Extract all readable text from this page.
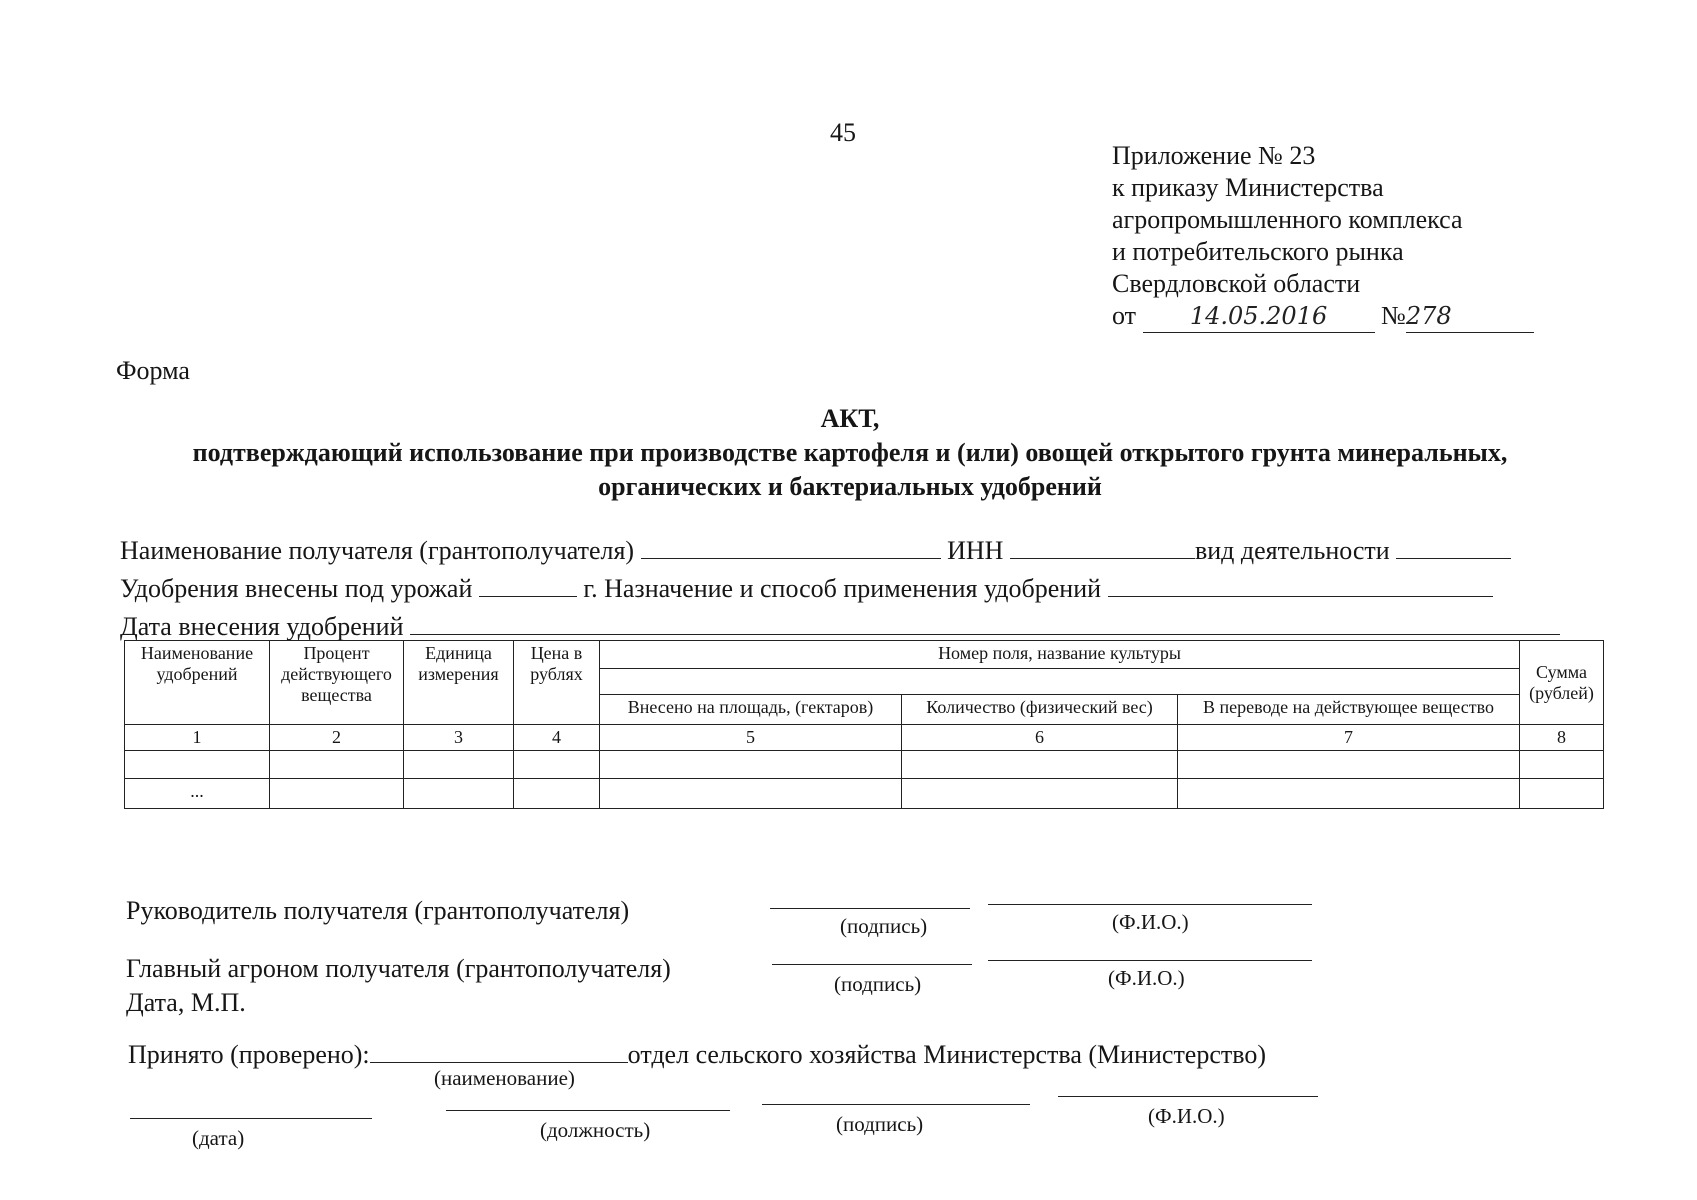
45
Приложение № 23
к приказу Министерства
агропромышленного комплекса
и потребительского рынка
Свердловской области
от 14.05.2016 №278
Форма
АКТ,
подтверждающий использование при производстве картофеля и (или) овощей открытого грунта минеральных,
органических и бактериальных удобрений
Наименование получателя (грантополучателя)	ИНН	вид деятельности
Удобрения внесены под урожай	г. Назначение и способ применения удобрений
Дата внесения удобрений
Наименование удобрений	Процент действующего вещества	Единица измерения	Цена в рублях	Номер поля, название культуры			Сумма (рублей)

				Внесено на площадь, (гектаров)	Количество (физический вес)	В переводе на действующее вещество	
1	2	3	4	5	6	7	8

...							
Руководитель получателя (грантополучателя)
(подпись)	(Ф.И.О.)
Главный агроном получателя (грантополучателя)
Дата, М.П.
(подпись)	(Ф.И.О.)
Принято (проверено):	отдел сельского хозяйства Министерства (Министерство)
(наименование)
(дата)	(должность)	(подпись)	(Ф.И.О.)
